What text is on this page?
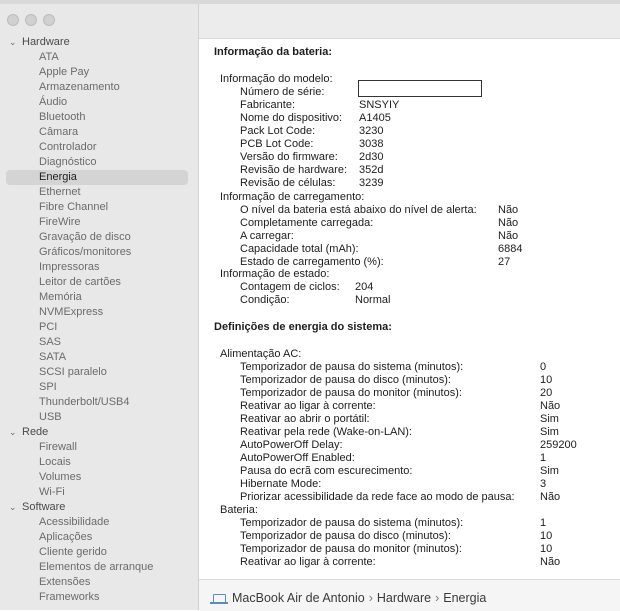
⌄ Hardware
ATA
Apple Pay
Armazenamento
Áudio
Bluetooth
Câmara
Controlador
Diagnóstico
Energia
Ethernet
Fibre Channel
FireWire
Gravação de disco
Gráficos/monitores
Impressoras
Leitor de cartões
Memória
NVMExpress
PCI
SAS
SATA
SCSI paralelo
SPI
Thunderbolt/USB4
USB
⌄ Rede
Firewall
Locais
Volumes
Wi-Fi
⌄ Software
Acessibilidade
Aplicações
Cliente gerido
Elementos de arranque
Extensões
Frameworks
Informação da bateria:
Informação do modelo:
Número de série:
Fabricante:	SNSYIY
Nome do dispositivo: A1405
Pack Lot Code:	3230
PCB Lot Code:	3038
Versão do firmware: 2d30
Revisão de hardware: 352d
Revisão de células: 3239
Informação de carregamento:
O nível da bateria está abaixo do nível de alerta: Não
Completamente carregada:	Não
A carregar:	Não
Capacidade total (mAh):	6884
Estado de carregamento (%):	27
Informação de estado:
Contagem de ciclos: 204
Condição:	Normal
Definições de energia do sistema:
Alimentação AC:
Temporizador de pausa do sistema (minutos):	0
Temporizador de pausa do disco (minutos):	10
Temporizador de pausa do monitor (minutos):	20
Reativar ao ligar à corrente:	Não
Reativar ao abrir o portátil:	Sim
Reativar pela rede (Wake-on-LAN):	Sim
AutoPowerOff Delay:	259200
AutoPowerOff Enabled:	1
Pausa do ecrã com escurecimento:	Sim
Hibernate Mode:	3
Priorizar acessibilidade da rede face ao modo de pausa: Não
Bateria:
Temporizador de pausa do sistema (minutos):	1
Temporizador de pausa do disco (minutos):	10
Temporizador de pausa do monitor (minutos):	10
Reativar ao ligar à corrente:	Não
MacBook Air de Antonio › Hardware › Energia
